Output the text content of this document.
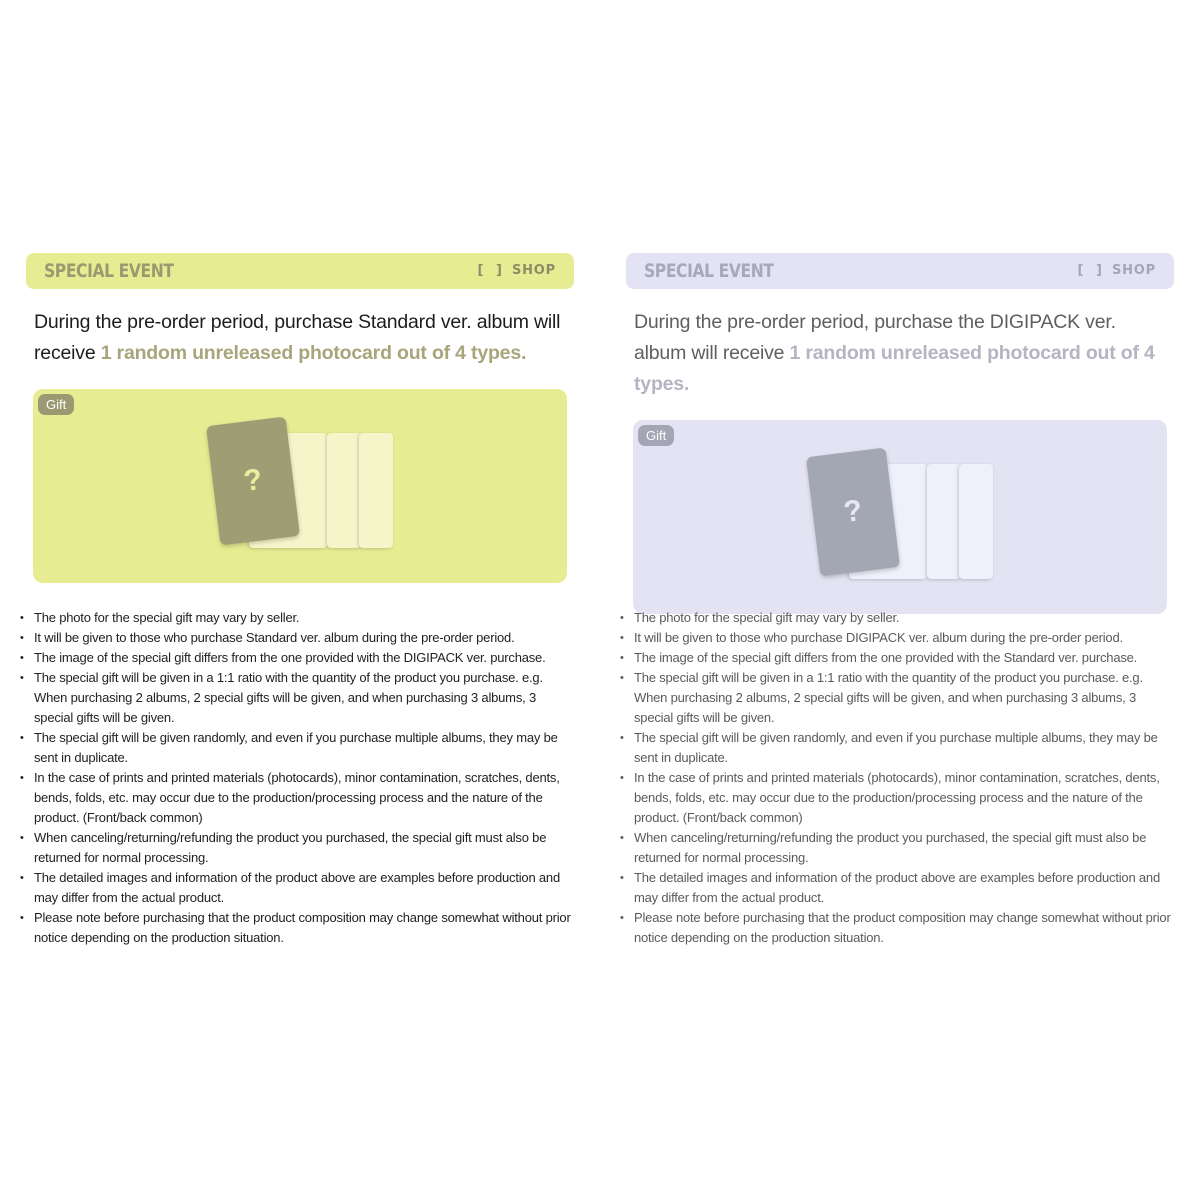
SPECIAL EVENT	[ ] SHOP
During the pre-order period, purchase Standard ver. album will receive 1 random unreleased photocard out of 4 types.
Gift
?
• The photo for the special gift may vary by seller.
• It will be given to those who purchase Standard ver. album during the pre-order period.
• The image of the special gift differs from the one provided with the DIGIPACK ver. purchase.
• The special gift will be given in a 1:1 ratio with the quantity of the product you purchase. e.g. When purchasing 2 albums, 2 special gifts will be given, and when purchasing 3 albums, 3 special gifts will be given.
• The special gift will be given randomly, and even if you purchase multiple albums, they may be sent in duplicate.
• In the case of prints and printed materials (photocards), minor contamination, scratches, dents, bends, folds, etc. may occur due to the production/processing process and the nature of the product. (Front/back common)
• When canceling/returning/refunding the product you purchased, the special gift must also be returned for normal processing.
• The detailed images and information of the product above are examples before production and may differ from the actual product.
• Please note before purchasing that the product composition may change somewhat without prior notice depending on the production situation.
SPECIAL EVENT	[ ] SHOP
During the pre-order period, purchase the DIGIPACK ver. album will receive 1 random unreleased photocard out of 4 types.
Gift
?
• The photo for the special gift may vary by seller.
• It will be given to those who purchase DIGIPACK ver. album during the pre-order period.
• The image of the special gift differs from the one provided with the Standard ver. purchase.
• The special gift will be given in a 1:1 ratio with the quantity of the product you purchase. e.g. When purchasing 2 albums, 2 special gifts will be given, and when purchasing 3 albums, 3 special gifts will be given.
• The special gift will be given randomly, and even if you purchase multiple albums, they may be sent in duplicate.
• In the case of prints and printed materials (photocards), minor contamination, scratches, dents, bends, folds, etc. may occur due to the production/processing process and the nature of the product. (Front/back common)
• When canceling/returning/refunding the product you purchased, the special gift must also be returned for normal processing.
• The detailed images and information of the product above are examples before production and may differ from the actual product.
• Please note before purchasing that the product composition may change somewhat without prior notice depending on the production situation.
